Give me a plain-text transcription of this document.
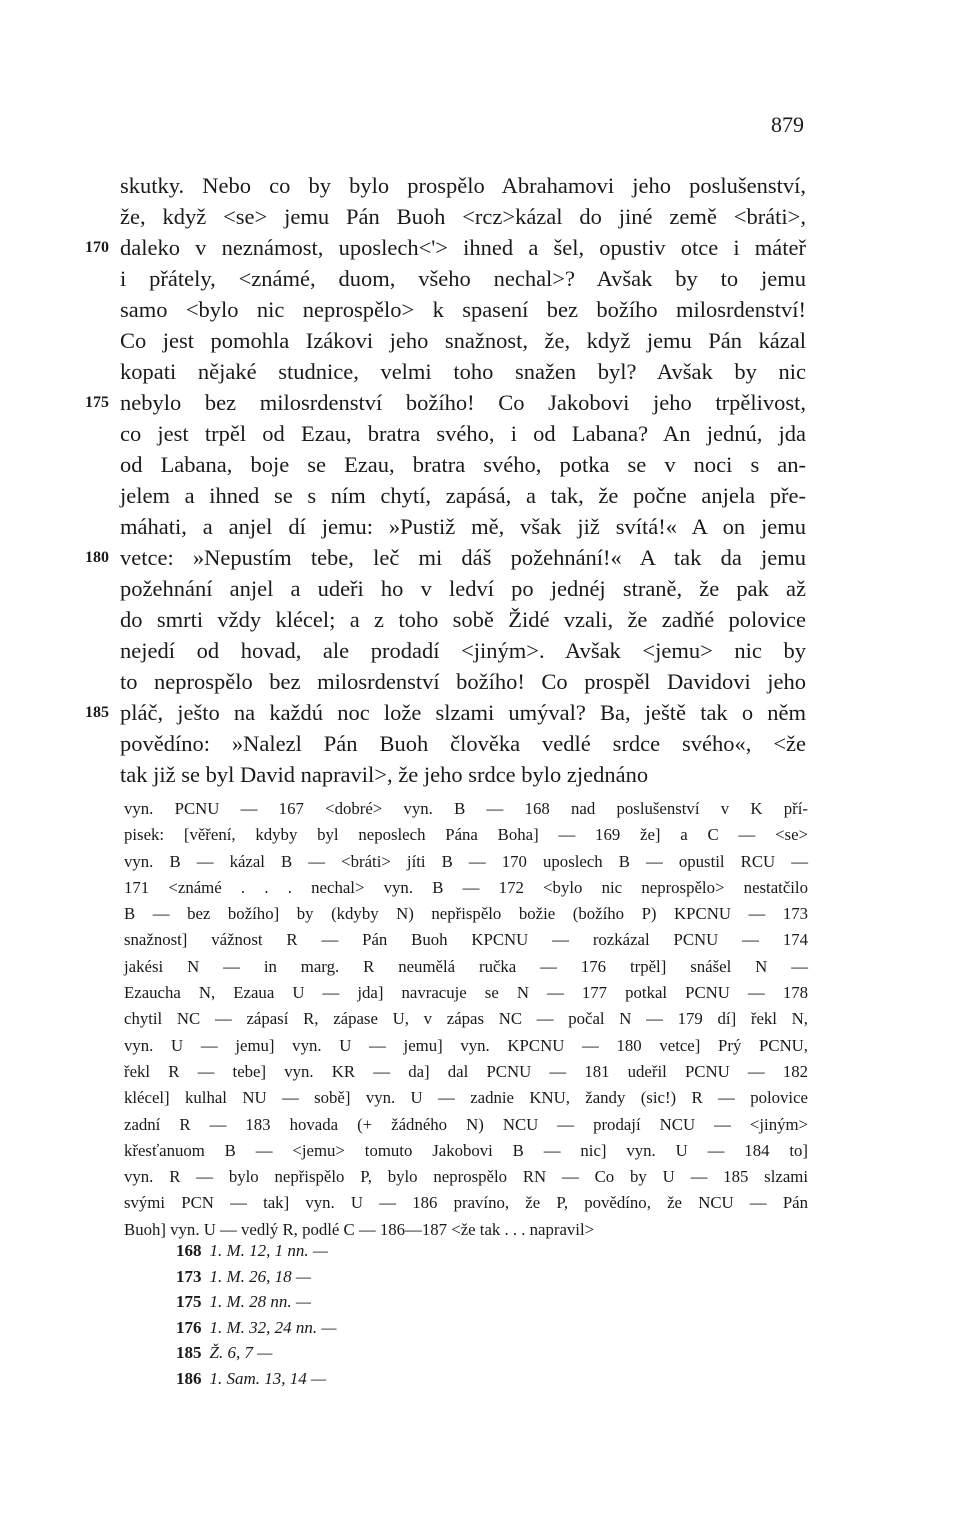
879
skutky. Nebo co by bylo prospělo Abrahamovi jeho poslušenství,
že, když <se> jemu Pán Buoh <rcz>kázal do jiné země <bráti>,
170 daleko v neznámost, uposlech<'> ihned a šel, opustiv otce i máteř
i přátely, <známé, duom, všeho nechal>? Avšak by to jemu
samo <bylo nic neprospělo> k spasení bez božího milosrdenství!
Co jest pomohla Izákovi jeho snažnost, že, když jemu Pán kázal
kopati nějaké studnice, velmi toho snažen byl? Avšak by nic
175 nebylo bez milosrdenství božího! Co Jakobovi jeho trpělivost,
co jest trpěl od Ezau, bratra svého, i od Labana? An jednú, jda
od Labana, boje se Ezau, bratra svého, potka se v noci s an-
jelem a ihned se s ním chytí, zapásá, a tak, že počne anjela pře-
máhati, a anjel dí jemu: »Pustiž mě, však již svítá!« A on jemu
180 vetce: »Nepustím tebe, leč mi dáš požehnání!« A tak da jemu
požehnání anjel a udeři ho v ledví po jednéj straně, že pak až
do smrti vždy klécel; a z toho sobě Židé vzali, že zadňé polovice
nejedí od hovad, ale prodadí <jiným>. Avšak <jemu> nic by
to neprospělo bez milosrdenství božího! Co prospěl Davidovi jeho
185 pláč, ješto na každú noc lože slzami umýval? Ba, ještě tak o něm
povědíno: »Nalezl Pán Buoh člověka vedlé srdce svého«, <že
tak již se byl David napravil>, že jeho srdce bylo zjednáno
vyn. PCNU — 167 <dobré> vyn. B — 168 nad poslušenství v K pří-
pisek: [věření, kdyby byl neposlech Pána Boha] — 169 že] a C — <se>
vyn. B — kázal B — <bráti> jíti B — 170 uposlech B — opustil RCU —
171 <známé . . . nechal> vyn. B — 172 <bylo nic neprospělo> nestatčilo
B — bez božího] by (kdyby N) nepřispělo božie (božího P) KPCNU — 173
snažnost] vážnost R — Pán Buoh KPCNU — rozkázal PCNU — 174
jakési N — in marg. R neumělá ručka — 176 trpěl] snášel N —
Ezaucha N, Ezaua U — jda] navracuje se N — 177 potkal PCNU — 178
chytil NC — zápasí R, zápase U, v zápas NC — počal N — 179 dí] řekl N,
vyn. U — jemu] vyn. U — jemu] vyn. KPCNU — 180 vetce] Prý PCNU,
řekl R — tebe] vyn. KR — da] dal PCNU — 181 udeřil PCNU — 182
klécel] kulhal NU — sobě] vyn. U — zadnie KNU, žandy (sic!) R — polovice
zadní R — 183 hovada (+ žádného N) NCU — prodají NCU — <jiným>
křesťanuom B — <jemu> tomuto Jakobovi B — nic] vyn. U — 184 to]
vyn. R — bylo nepřispělo P, bylo neprospělo RN — Co by U — 185 slzami
svými PCN — tak] vyn. U — 186 pravíno, že P, povědíno, že NCU — Pán
Buoh] vyn. U — vedlý R, podlé C — 186—187 <že tak . . . napravil>
168 1. M. 12, 1 nn. —
173 1. M. 26, 18 —
175 1. M. 28 nn. —
176 1. M. 32, 24 nn. —
185 Ž. 6, 7 —
186 1. Sam. 13, 14 —
